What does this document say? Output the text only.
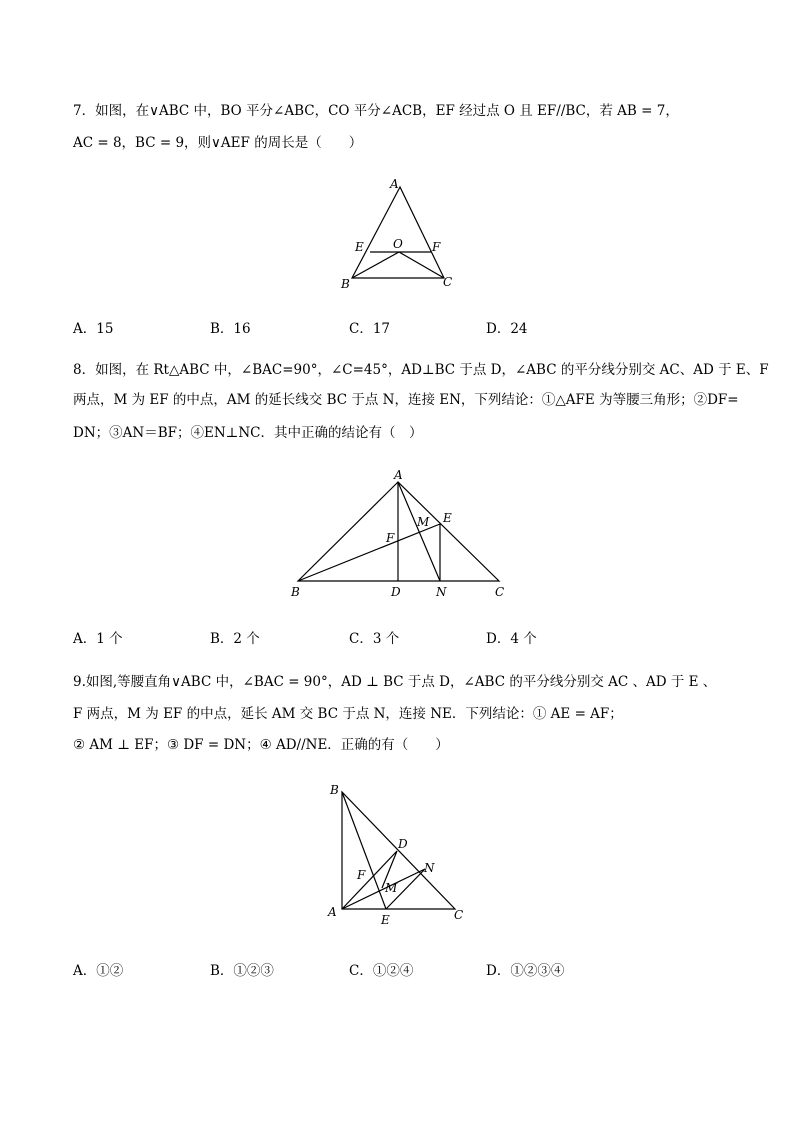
7．如图，在∨ABC 中，BO 平分∠ABC，CO 平分∠ACB，EF 经过点 O 且 EF//BC，若 AB = 7，
AC = 8，BC = 9，则∨AEF 的周长是（　　）
A
E O F
B	C
A．15	B．16	C．17	D．24
8．如图，在 Rt△ABC 中，∠BAC=90°，∠C=45°，AD⊥BC 于点 D，∠ABC 的平分线分别交 AC、AD 于 E、F
两点，M 为 EF 的中点，AM 的延长线交 BC 于点 N，连接 EN，下列结论：①△AFE 为等腰三角形；②DF=
DN；③AN＝BF；④EN⊥NC．其中正确的结论有（　）
A
M E
F
B	D	N	C
A．1 个	B．2 个	C．3 个	D．4 个
9.如图,等腰直角∨ABC 中，∠BAC = 90°，AD ⊥ BC 于点 D，∠ABC 的平分线分别交 AC 、AD 于 E 、
F 两点，M 为 EF 的中点，延长 AM 交 BC 于点 N，连接 NE．下列结论：① AE = AF；
② AM ⊥ EF；③ DF = DN；④ AD//NE．正确的有（　　）
B
D
N
F
M
A
E	C
A．①②	B．①②③	C．①②④	D．①②③④
